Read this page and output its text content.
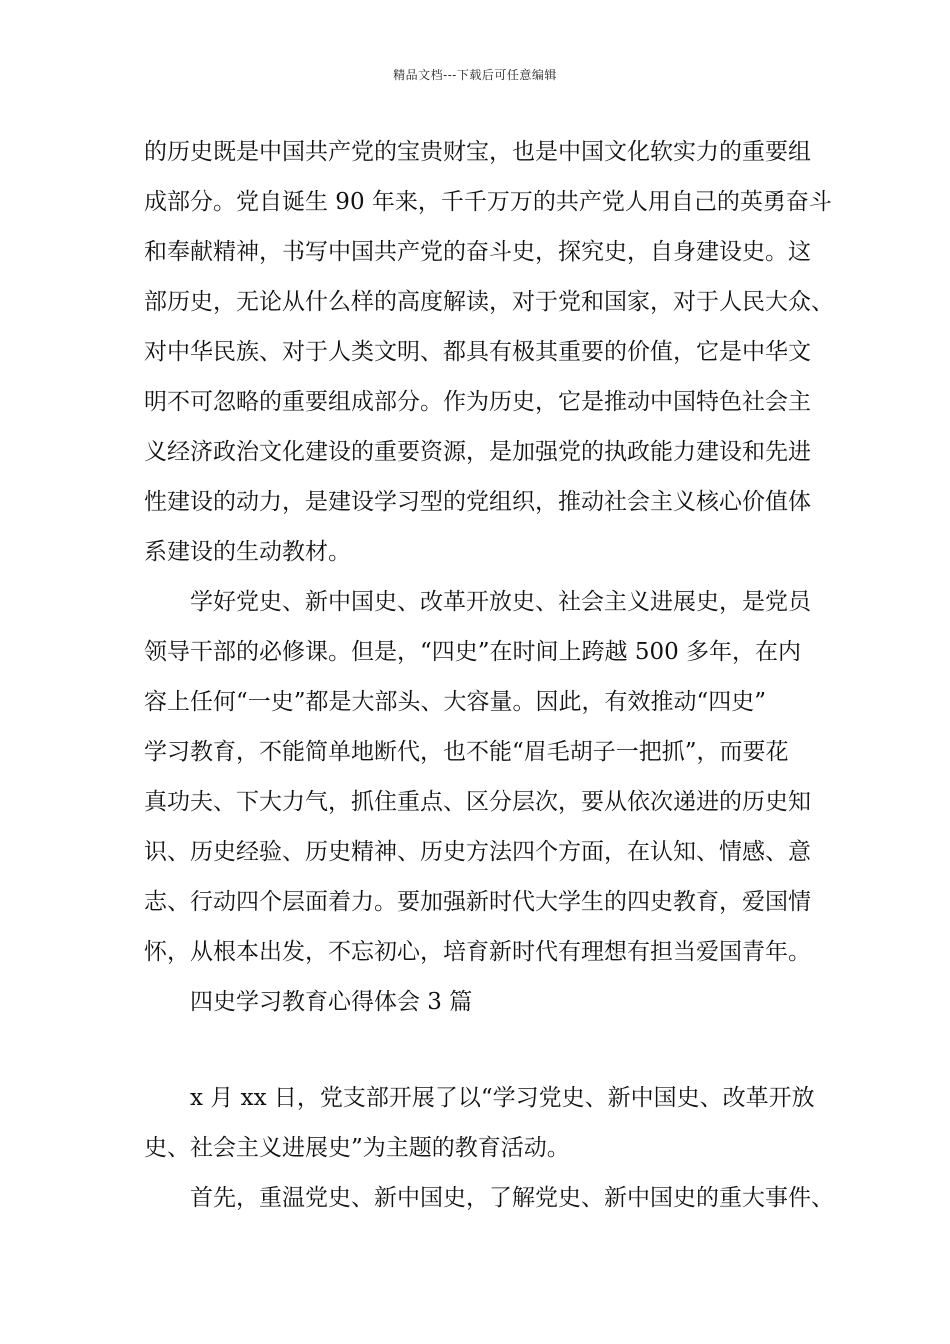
精品文档---下载后可任意编辑
的历史既是中国共产党的宝贵财宝，也是中国文化软实力的重要组
成部分。党自诞生 90 年来，千千万万的共产党人用自己的英勇奋斗
和奉献精神，书写中国共产党的奋斗史，探究史，自身建设史。这
部历史，无论从什么样的高度解读，对于党和国家，对于人民大众、
对中华民族、对于人类文明、都具有极其重要的价值，它是中华文
明不可忽略的重要组成部分。作为历史，它是推动中国特色社会主
义经济政治文化建设的重要资源，是加强党的执政能力建设和先进
性建设的动力，是建设学习型的党组织，推动社会主义核心价值体
系建设的生动教材。
学好党史、新中国史、改革开放史、社会主义进展史，是党员
领导干部的必修课。但是，“四史”在时间上跨越 500 多年，在内
容上任何“一史”都是大部头、大容量。因此，有效推动“四史”
学习教育，不能简单地断代，也不能“眉毛胡子一把抓”，而要花
真功夫、下大力气，抓住重点、区分层次，要从依次递进的历史知
识、历史经验、历史精神、历史方法四个方面，在认知、情感、意
志、行动四个层面着力。要加强新时代大学生的四史教育，爱国情
怀，从根本出发，不忘初心，培育新时代有理想有担当爱国青年。
四史学习教育心得体会 3 篇
x 月 xx 日，党支部开展了以“学习党史、新中国史、改革开放
史、社会主义进展史”为主题的教育活动。
首先，重温党史、新中国史，了解党史、新中国史的重大事件、
